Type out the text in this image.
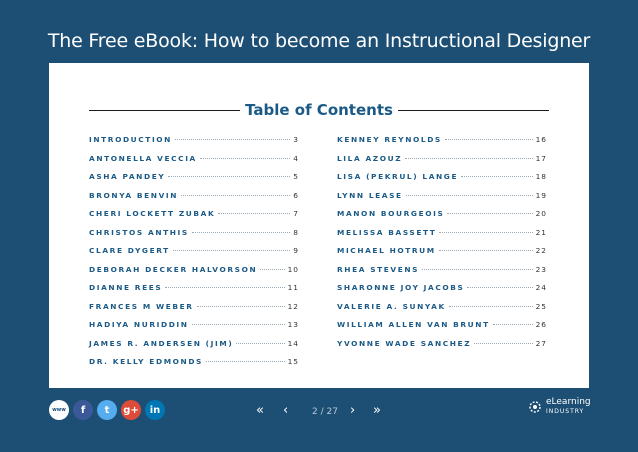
The Free eBook: How to become an Instructional Designer
Table of Contents
INTRODUCTION	3
ANTONELLA VECCIA	4
ASHA PANDEY	5
BRONYA BENVIN	6
CHERI LOCKETT ZUBAK	7
CHRISTOS ANTHIS	8
CLARE DYGERT	9
DEBORAH DECKER HALVORSON	10
DIANNE REES	11
FRANCES M WEBER	12
HADIYA NURIDDIN	13
JAMES R. ANDERSEN (JIM)	14
DR. KELLY EDMONDS	15
KENNEY REYNOLDS	16
LILA AZOUZ	17
LISA (PEKRUL) LANGE	18
LYNN LEASE	19
MANON BOURGEOIS	20
MELISSA BASSETT	21
MICHAEL HOTRUM	22
RHEA STEVENS	23
SHARONNE JOY JACOBS	24
VALERIE A. SUNYAK	25
WILLIAM ALLEN VAN BRUNT	26
YVONNE WADE SANCHEZ	27
www	f	t	g+	in	« ‹	2 / 27 › »
eLearning
INDUSTRY
